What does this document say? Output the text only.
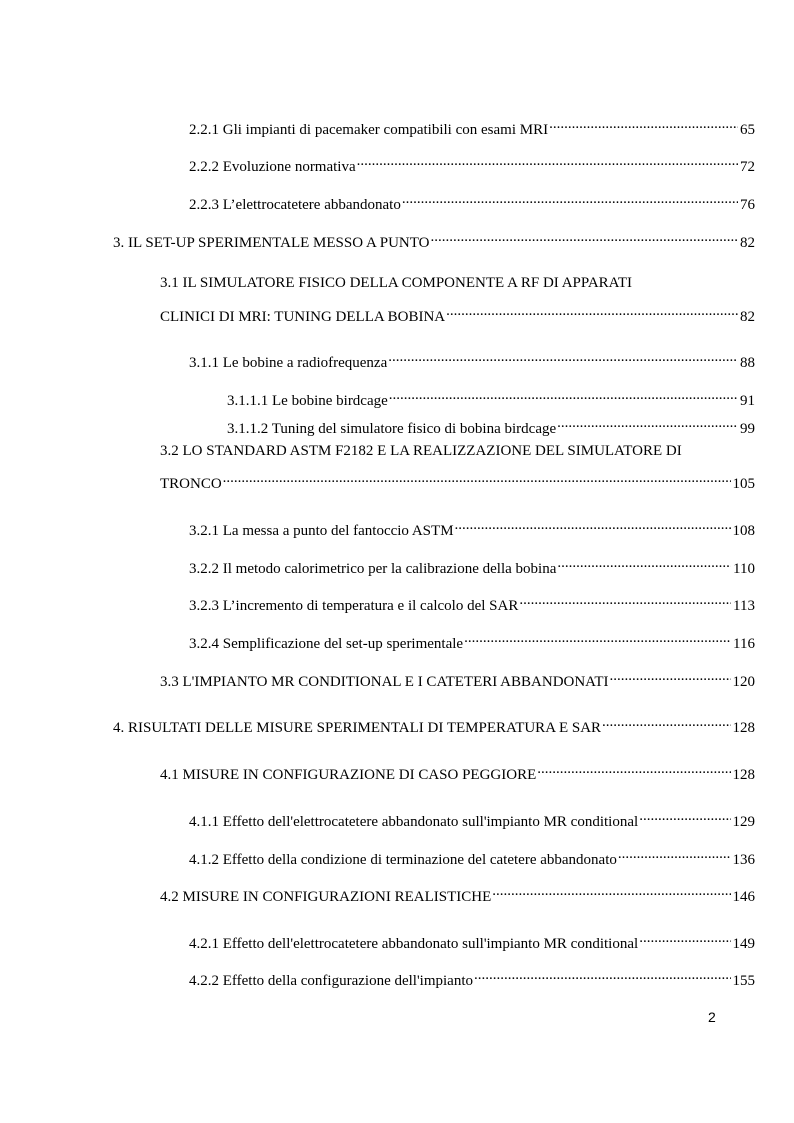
2.2.1 Gli impianti di pacemaker compatibili con esami MRI .....	65
2.2.2 Evoluzione normativa .....	72
2.2.3 L’elettrocatetere abbandonato .....	76
3. IL SET-UP SPERIMENTALE MESSO A PUNTO .....	82
3.1 IL SIMULATORE FISICO DELLA COMPONENTE A RF DI APPARATI
CLINICI DI MRI: TUNING DELLA BOBINA .....	82
3.1.1 Le bobine a radiofrequenza .....	88
3.1.1.1 Le bobine birdcage .....	91
3.1.1.2 Tuning del simulatore fisico di bobina birdcage .....	99
3.2 LO STANDARD ASTM F2182 E LA REALIZZAZIONE DEL SIMULATORE DI
TRONCO .....	105
3.2.1 La messa a punto del fantoccio ASTM .....	108
3.2.2 Il metodo calorimetrico per la calibrazione della bobina .....	110
3.2.3 L’incremento di temperatura e il calcolo del SAR .....	113
3.2.4 Semplificazione del set-up sperimentale .....	116
3.3 L'IMPIANTO MR CONDITIONAL E I CATETERI ABBANDONATI .....	120
4. RISULTATI DELLE MISURE SPERIMENTALI DI TEMPERATURA E SAR .....	128
4.1 MISURE IN CONFIGURAZIONE DI CASO PEGGIORE .....	128
4.1.1 Effetto dell'elettrocatetere abbandonato sull'impianto MR conditional .....	129
4.1.2 Effetto della condizione di terminazione del catetere abbandonato .....	136
4.2 MISURE IN CONFIGURAZIONI REALISTICHE .....	146
4.2.1 Effetto dell'elettrocatetere abbandonato sull'impianto MR conditional .....	149
4.2.2 Effetto della configurazione dell'impianto .....	155
2
